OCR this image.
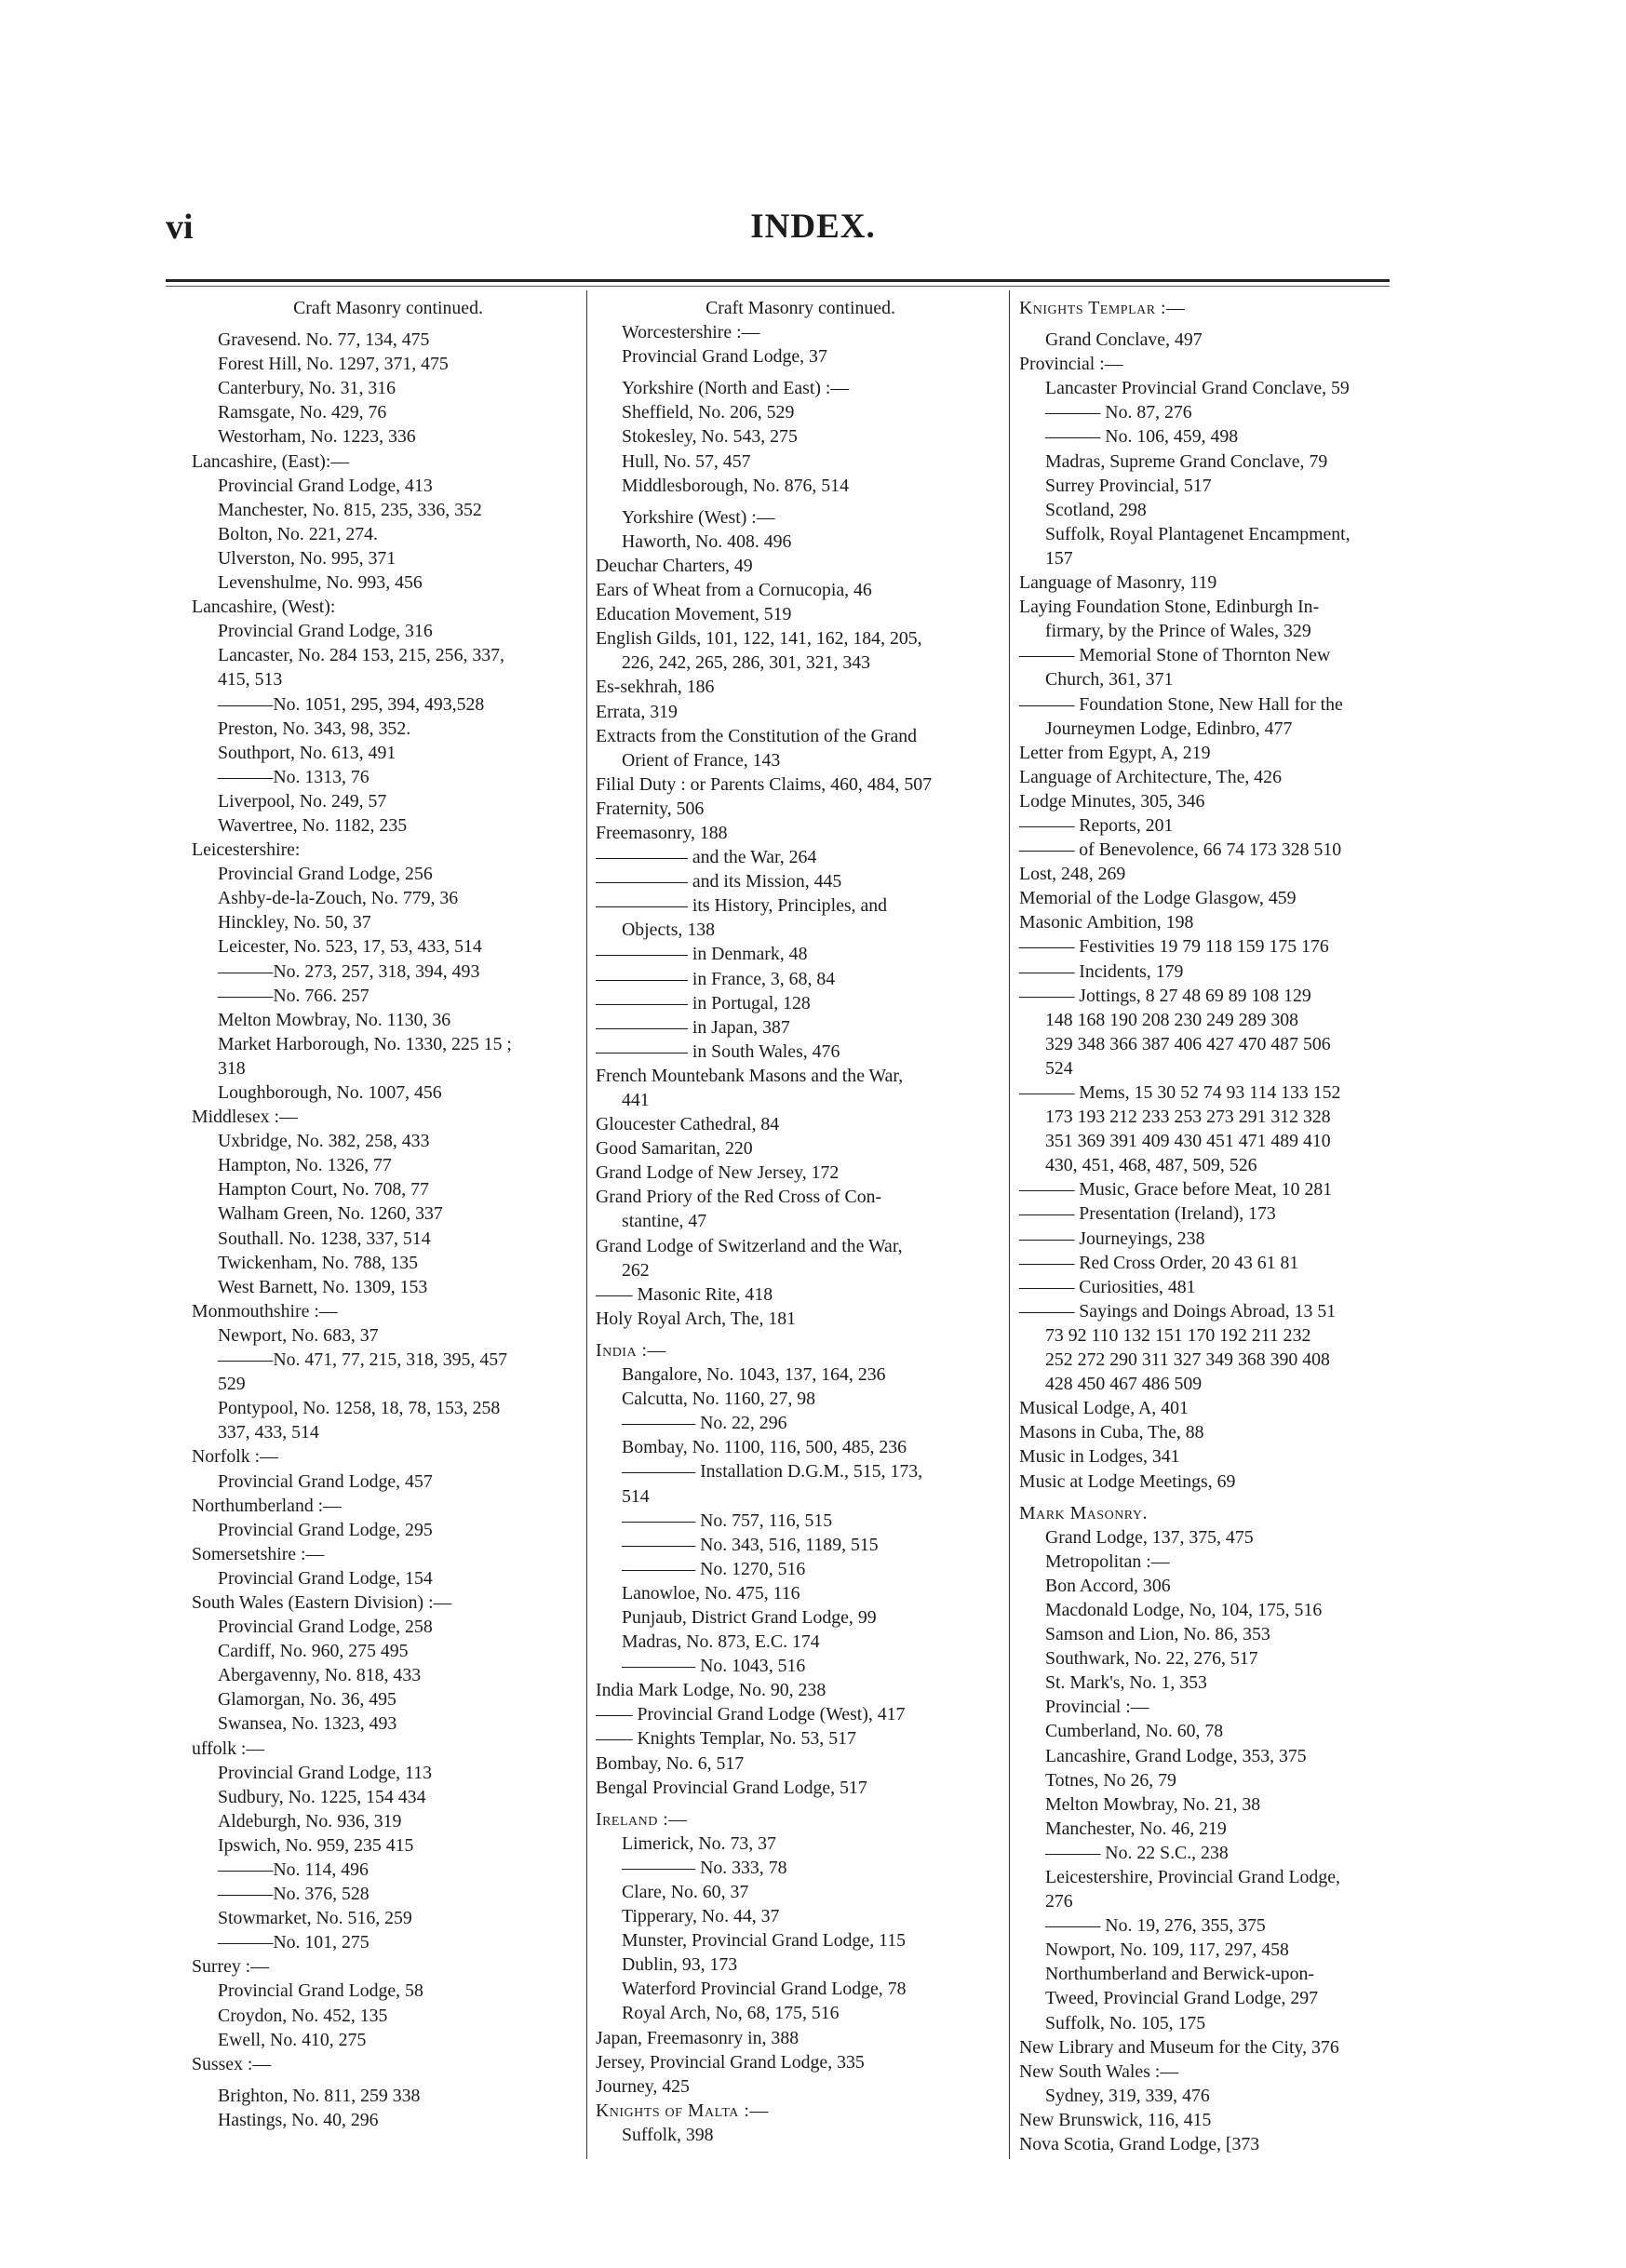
vi	INDEX.
Craft Masonry continued.
Gravesend. No. 77, 134, 475
Forest Hill, No. 1297, 371, 475
Canterbury, No. 31, 316
Ramsgate, No. 429, 76
Westorham, No. 1223, 336
Lancashire, (East):—
Provincial Grand Lodge, 413
Manchester, No. 815, 235, 336, 352
Bolton, No. 221, 274.
Ulverston, No. 995, 371
Levenshulme, No. 993, 456
Lancashire, (West):
Provincial Grand Lodge, 316
Lancaster, No. 284 153, 215, 256, 337,
415, 513
———No. 1051, 295, 394, 493,528
Preston, No. 343, 98, 352.
Southport, No. 613, 491
———No. 1313, 76
Liverpool, No. 249, 57
Wavertree, No. 1182, 235
Leicestershire:
Provincial Grand Lodge, 256
Ashby-de-la-Zouch, No. 779, 36
Hinckley, No. 50, 37
Leicester, No. 523, 17, 53, 433, 514
———No. 273, 257, 318, 394, 493
———No. 766. 257
Melton Mowbray, No. 1130, 36
Market Harborough, No. 1330, 225 15 ;
318
Loughborough, No. 1007, 456
Middlesex :—
Uxbridge, No. 382, 258, 433
Hampton, No. 1326, 77
Hampton Court, No. 708, 77
Walham Green, No. 1260, 337
Southall. No. 1238, 337, 514
Twickenham, No. 788, 135
West Barnett, No. 1309, 153
Monmouthshire :—
Newport, No. 683, 37
———No. 471, 77, 215, 318, 395, 457
529
Pontypool, No. 1258, 18, 78, 153, 258
337, 433, 514
Norfolk :—
Provincial Grand Lodge, 457
Northumberland :—
Provincial Grand Lodge, 295
Somersetshire :—
Provincial Grand Lodge, 154
South Wales (Eastern Division) :—
Provincial Grand Lodge, 258
Cardiff, No. 960, 275 495
Abergavenny, No. 818, 433
Glamorgan, No. 36, 495
Swansea, No. 1323, 493
uffolk :—
Provincial Grand Lodge, 113
Sudbury, No. 1225, 154 434
Aldeburgh, No. 936, 319
Ipswich, No. 959, 235 415
———No. 114, 496
———No. 376, 528
Stowmarket, No. 516, 259
———No. 101, 275
Surrey :—
Provincial Grand Lodge, 58
Croydon, No. 452, 135
Ewell, No. 410, 275
Sussex :—
Brighton, No. 811, 259 338
Hastings, No. 40, 296
Craft Masonry continued.
Worcestershire :—
Provincial Grand Lodge, 37
Yorkshire (North and East) :—
Sheffield, No. 206, 529
Stokesley, No. 543, 275
Hull, No. 57, 457
Middlesborough, No. 876, 514
Yorkshire (West) :—
Haworth, No. 408. 496
Deuchar Charters, 49
Ears of Wheat from a Cornucopia, 46
Education Movement, 519
English Gilds, 101, 122, 141, 162, 184, 205,
226, 242, 265, 286, 301, 321, 343
Es-sekhrah, 186
Errata, 319
Extracts from the Constitution of the Grand
Orient of France, 143
Filial Duty : or Parents Claims, 460, 484, 507
Fraternity, 506
Freemasonry, 188
————— and the War, 264
————— and its Mission, 445
————— its History, Principles, and
Objects, 138
————— in Denmark, 48
————— in France, 3, 68, 84
————— in Portugal, 128
————— in Japan, 387
————— in South Wales, 476
French Mountebank Masons and the War,
441
Gloucester Cathedral, 84
Good Samaritan, 220
Grand Lodge of New Jersey, 172
Grand Priory of the Red Cross of Con-
stantine, 47
Grand Lodge of Switzerland and the War,
262
—— Masonic Rite, 418
Holy Royal Arch, The, 181
India :—
Bangalore, No. 1043, 137, 164, 236
Calcutta, No. 1160, 27, 98
———— No. 22, 296
Bombay, No. 1100, 116, 500, 485, 236
———— Installation D.G.M., 515, 173,
514
———— No. 757, 116, 515
———— No. 343, 516, 1189, 515
———— No. 1270, 516
Lanowloe, No. 475, 116
Punjaub, District Grand Lodge, 99
Madras, No. 873, E.C. 174
———— No. 1043, 516
India Mark Lodge, No. 90, 238
—— Provincial Grand Lodge (West), 417
—— Knights Templar, No. 53, 517
Bombay, No. 6, 517
Bengal Provincial Grand Lodge, 517
Ireland :—
Limerick, No. 73, 37
———— No. 333, 78
Clare, No. 60, 37
Tipperary, No. 44, 37
Munster, Provincial Grand Lodge, 115
Dublin, 93, 173
Waterford Provincial Grand Lodge, 78
Royal Arch, No, 68, 175, 516
Japan, Freemasonry in, 388
Jersey, Provincial Grand Lodge, 335
Journey, 425
Knights of Malta :—
Suffolk, 398
Knights Templar :—
Grand Conclave, 497
Provincial :—
Lancaster Provincial Grand Conclave, 59
——— No. 87, 276
——— No. 106, 459, 498
Madras, Supreme Grand Conclave, 79
Surrey Provincial, 517
Scotland, 298
Suffolk, Royal Plantagenet Encampment,
157
Language of Masonry, 119
Laying Foundation Stone, Edinburgh In-
firmary, by the Prince of Wales, 329
——— Memorial Stone of Thornton New
Church, 361, 371
——— Foundation Stone, New Hall for the
Journeymen Lodge, Edinbro, 477
Letter from Egypt, A, 219
Language of Architecture, The, 426
Lodge Minutes, 305, 346
——— Reports, 201
——— of Benevolence, 66 74 173 328 510
Lost, 248, 269
Memorial of the Lodge Glasgow, 459
Masonic Ambition, 198
——— Festivities 19 79 118 159 175 176
——— Incidents, 179
——— Jottings, 8 27 48 69 89 108 129
148 168 190 208 230 249 289 308
329 348 366 387 406 427 470 487 506
524
——— Mems, 15 30 52 74 93 114 133 152
173 193 212 233 253 273 291 312 328
351 369 391 409 430 451 471 489 410
430, 451, 468, 487, 509, 526
——— Music, Grace before Meat, 10 281
——— Presentation (Ireland), 173
——— Journeyings, 238
——— Red Cross Order, 20 43 61 81
——— Curiosities, 481
——— Sayings and Doings Abroad, 13 51
73 92 110 132 151 170 192 211 232
252 272 290 311 327 349 368 390 408
428 450 467 486 509
Musical Lodge, A, 401
Masons in Cuba, The, 88
Music in Lodges, 341
Music at Lodge Meetings, 69
Mark Masonry.
Grand Lodge, 137, 375, 475
Metropolitan :—
Bon Accord, 306
Macdonald Lodge, No, 104, 175, 516
Samson and Lion, No. 86, 353
Southwark, No. 22, 276, 517
St. Mark's, No. 1, 353
Provincial :—
Cumberland, No. 60, 78
Lancashire, Grand Lodge, 353, 375
Totnes, No 26, 79
Melton Mowbray, No. 21, 38
Manchester, No. 46, 219
——— No. 22 S.C., 238
Leicestershire, Provincial Grand Lodge,
276
——— No. 19, 276, 355, 375
Nowport, No. 109, 117, 297, 458
Northumberland and Berwick-upon-
Tweed, Provincial Grand Lodge, 297
Suffolk, No. 105, 175
New Library and Museum for the City, 376
New South Wales :—
Sydney, 319, 339, 476
New Brunswick, 116, 415
Nova Scotia, Grand Lodge, [373
